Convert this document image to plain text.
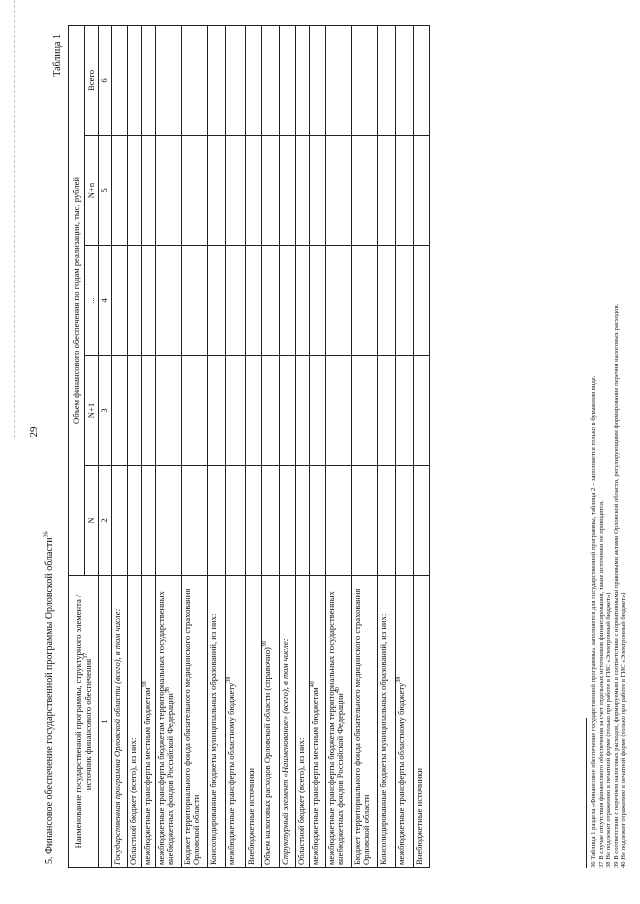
29
5. Финансовое обеспечение государственной программы Орловской области$^{36}$
Таблица 1
Наименование государственной программы, структурного элемента / источник финансового обеспечения$^{37}$	Объем финансового обеспечения по годам реализации, тыс. рублей				
	N	N+1	...	N+n	Всего
1	2	3	4	5	6
Государственная программа Орловской области (всего), в том числе:					
Областной бюджет (всего), из них:					
межбюджетные трансферты местным бюджетам$^{38}$					
межбюджетные трансферты бюджетам территориальных государственных внебюджетных фондов Российской Федерации$^{38}$					
Бюджет территориального фонда обязательного медицинского страхования Орловской области					
Консолидированные бюджеты муниципальных образований, из них:					
межбюджетные трансферты областному бюджету$^{38}$					
Внебюджетные источники					
Объем налоговых расходов Орловской области (справочно)$^{39}$					
Структурный элемент «Наименование» (всего), в том числе:					
Областной бюджет (всего), из них:					
межбюджетные трансферты местным бюджетам$^{40}$					
межбюджетные трансферты бюджетам территориальных государственных внебюджетных фондов Российской Федерации$^{40}$					
Бюджет территориального фонда обязательного медицинского страхования Орловской области					
Консолидированные бюджеты муниципальных образований, из них:					
межбюджетные трансферты областному бюджету$^{38}$					
Внебюджетные источники						36 Таблица 1 раздела «Финансовое обеспечение государственной программы» заполняется для государственной программы, таблица 2 – заполняется только в бумажном виде. 37 В случае отсутствия финансового обеспечения за счет отдельных источников финансирования, такие источники не приводятся. 38 Не подлежит отражению в печатной форме (только при работе в ГИС «Электронный бюджет») 39 В соответствии с перечнем налоговых расходов, формируемым в соответствии с нормативными правовыми актами Орловской области, регулирующими формирование перечня налоговых расходов. 40 Не подлежит отражению в печатной форме (только при работе в ГИС «Электронный бюджет»)
